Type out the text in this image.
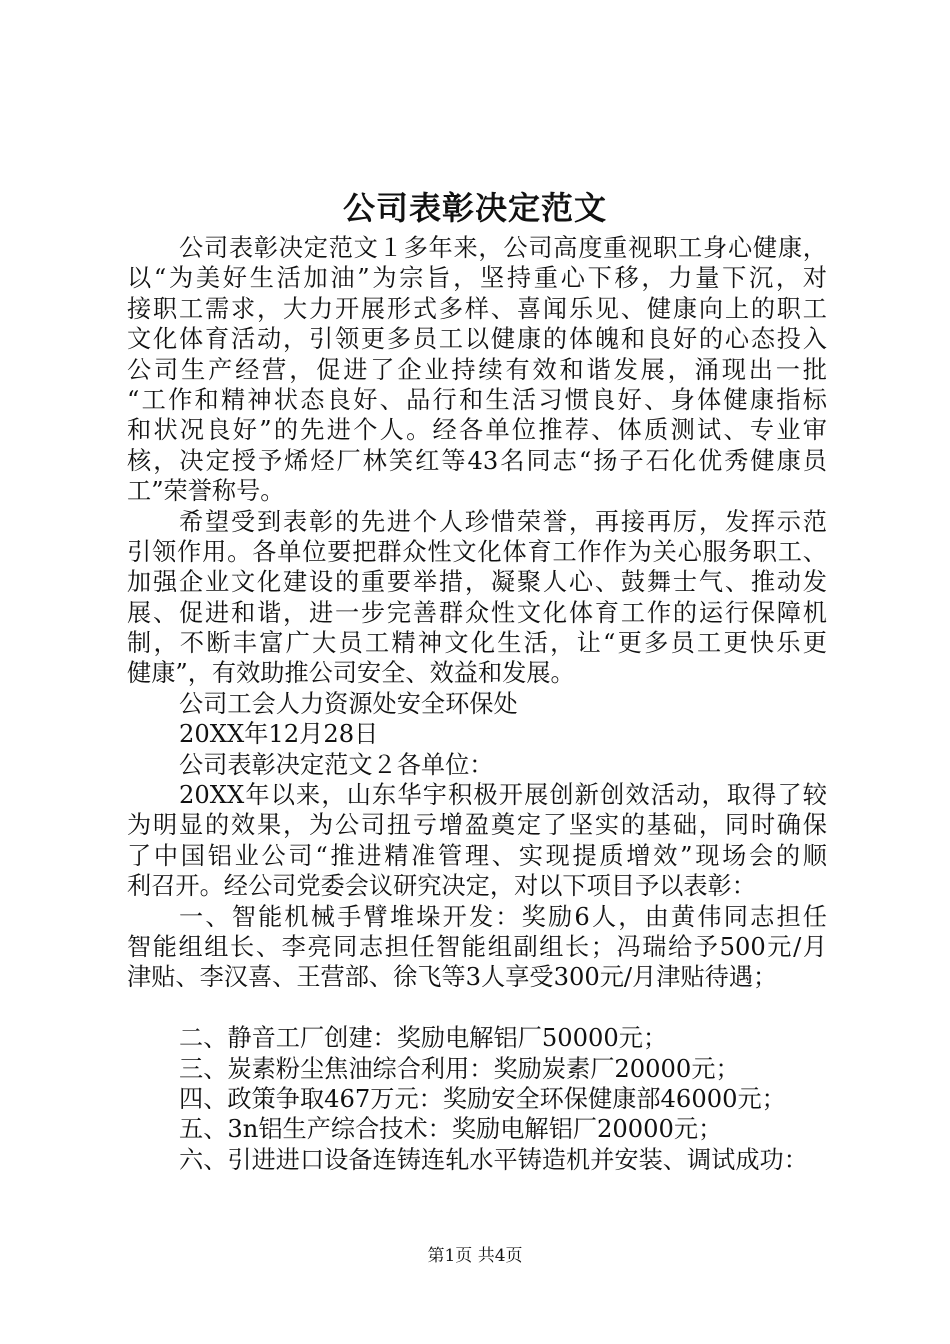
公司表彰决定范文
公司表彰决定范文１多年来，公司高度重视职工身心健康，
以“为美好生活加油”为宗旨，坚持重心下移，力量下沉，对
接职工需求，大力开展形式多样、喜闻乐见、健康向上的职工
文化体育活动，引领更多员工以健康的体魄和良好的心态投入
公司生产经营，促进了企业持续有效和谐发展，涌现出一批
“工作和精神状态良好、品行和生活习惯良好、身体健康指标
和状况良好”的先进个人。经各单位推荐、体质测试、专业审
核，决定授予烯烃厂林笑红等43名同志“扬子石化优秀健康员
工”荣誉称号。
希望受到表彰的先进个人珍惜荣誉，再接再厉，发挥示范
引领作用。各单位要把群众性文化体育工作作为关心服务职工、
加强企业文化建设的重要举措，凝聚人心、鼓舞士气、推动发
展、促进和谐，进一步完善群众性文化体育工作的运行保障机
制，不断丰富广大员工精神文化生活，让“更多员工更快乐更
健康”，有效助推公司安全、效益和发展。
公司工会人力资源处安全环保处
20XX年12月28日
公司表彰决定范文２各单位：
20XX年以来，山东华宇积极开展创新创效活动，取得了较
为明显的效果，为公司扭亏增盈奠定了坚实的基础，同时确保
了中国铝业公司“推进精准管理、实现提质增效”现场会的顺
利召开。经公司党委会议研究决定，对以下项目予以表彰：
一、智能机械手臂堆垛开发：奖励6人，由黄伟同志担任
智能组组长、李亮同志担任智能组副组长；冯瑞给予500元/月
津贴、李汉喜、王营部、徐飞等3人享受300元/月津贴待遇；
二、静音工厂创建：奖励电解铝厂50000元；
三、炭素粉尘焦油综合利用：奖励炭素厂20000元；
四、政策争取467万元：奖励安全环保健康部46000元；
五、3n铝生产综合技术：奖励电解铝厂20000元；
六、引进进口设备连铸连轧水平铸造机并安装、调试成功：
第1页 共4页
